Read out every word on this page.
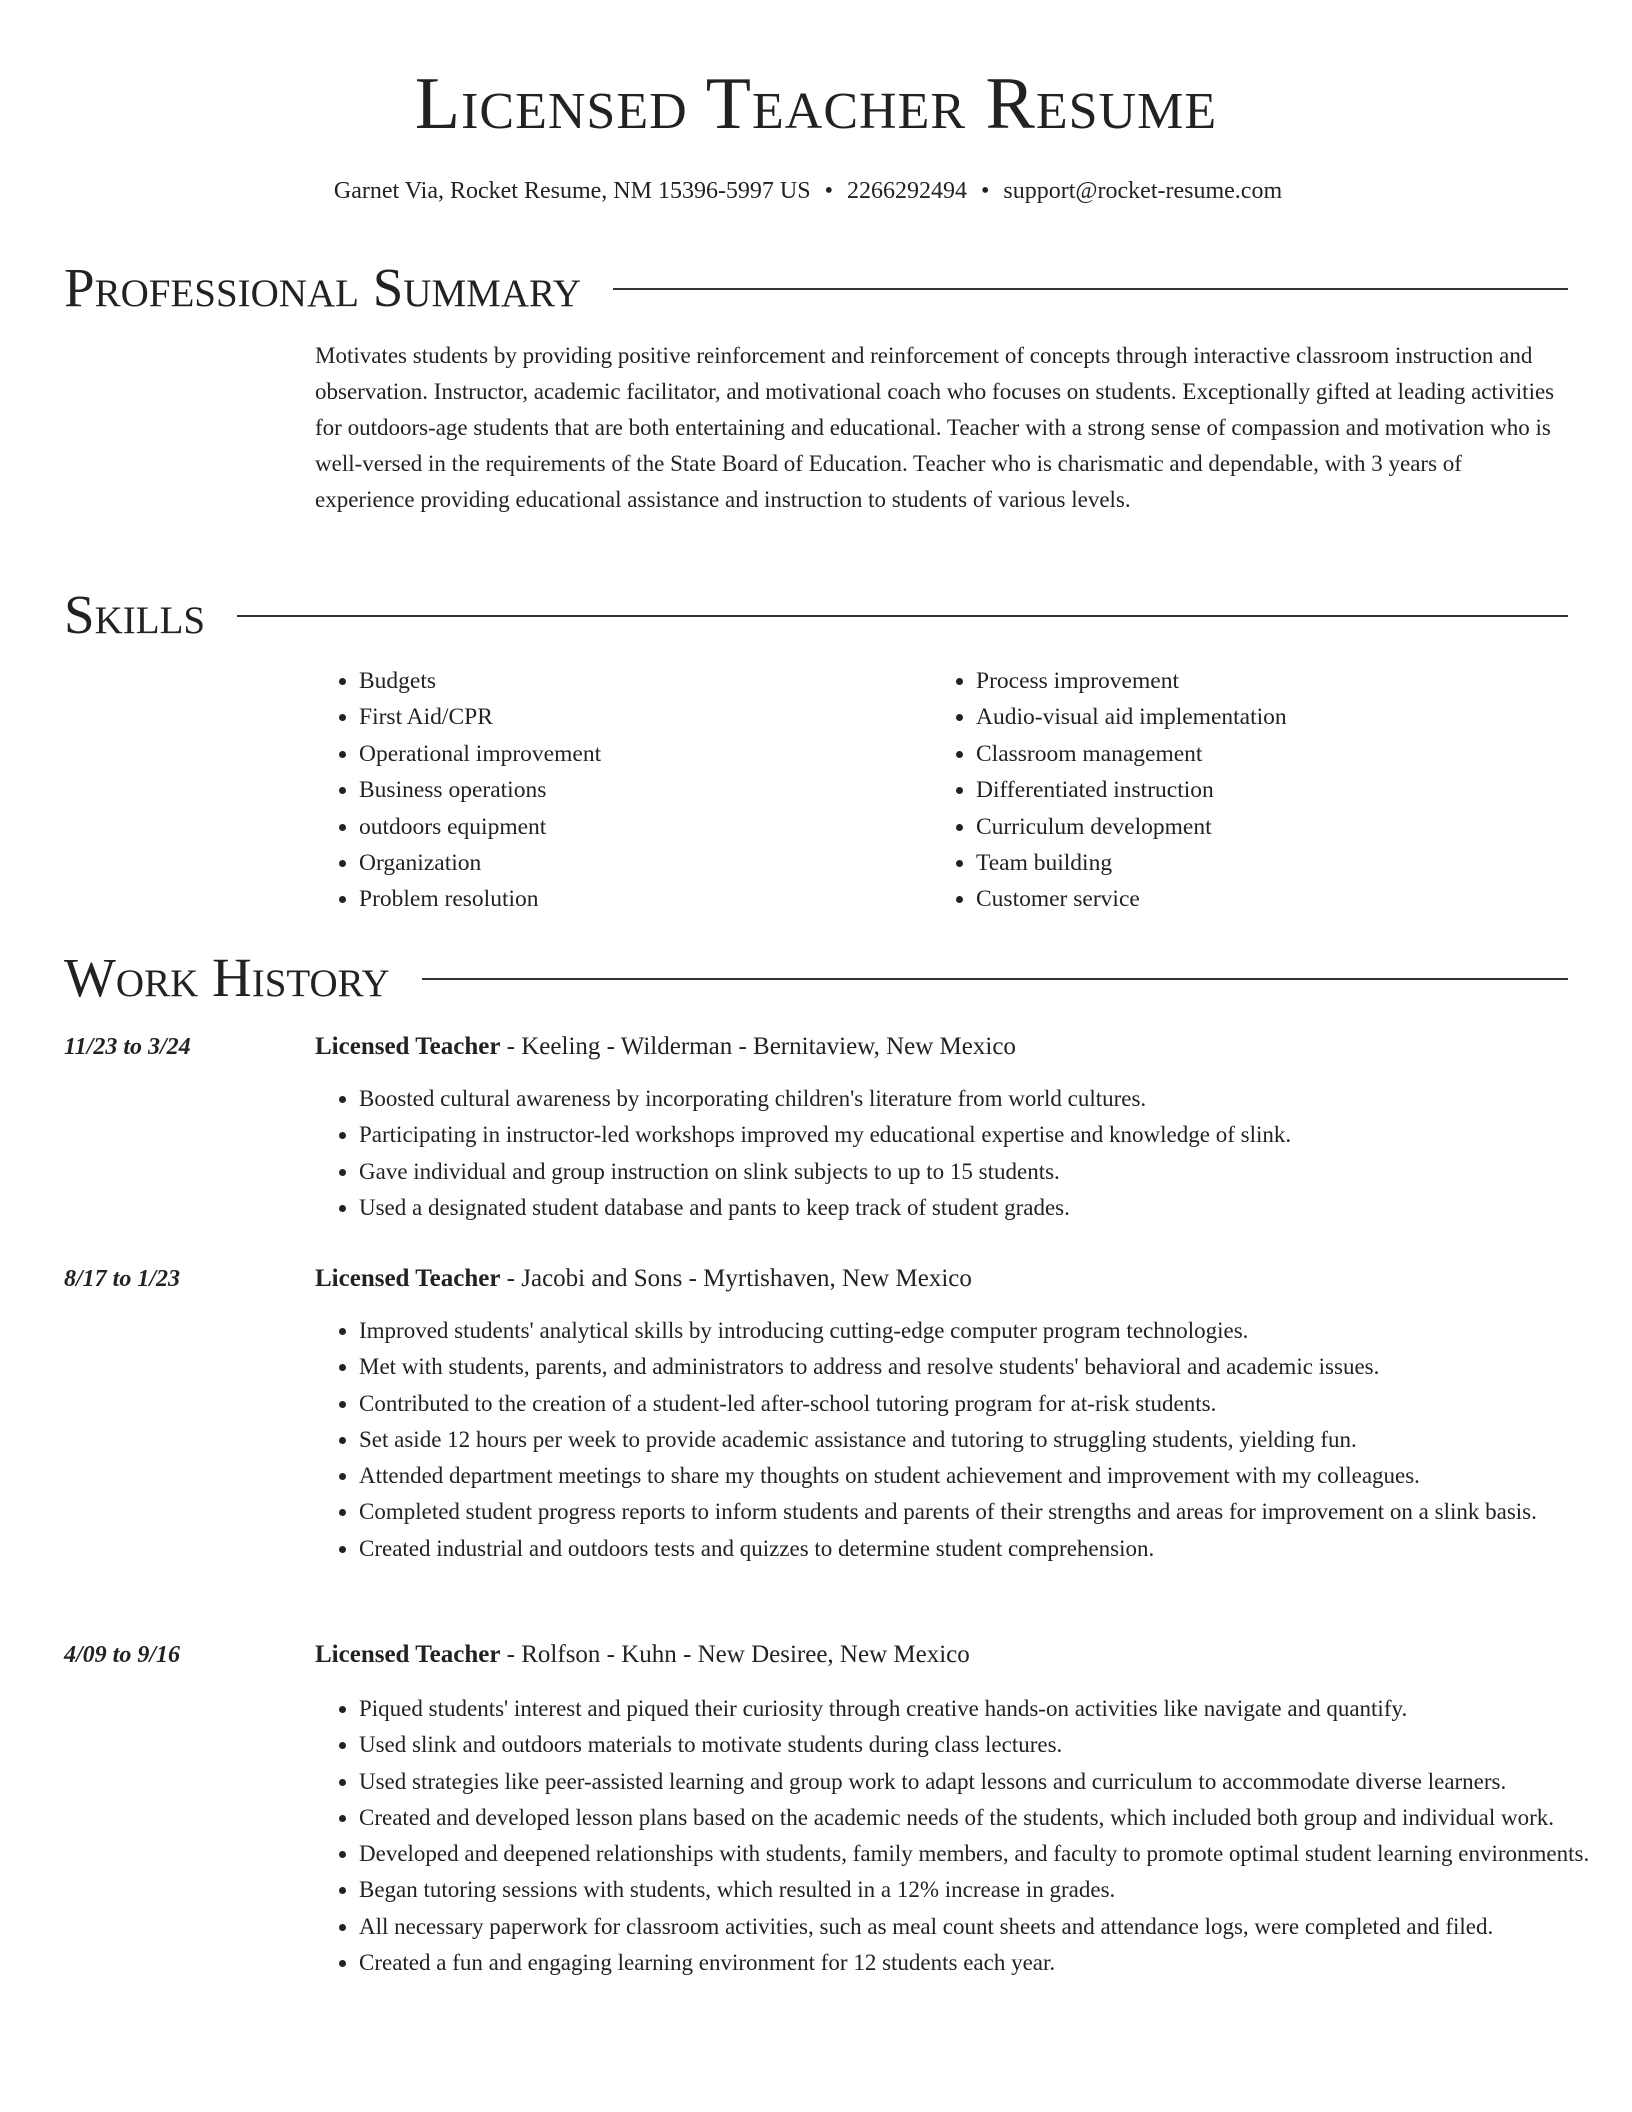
Licensed Teacher Resume
Garnet Via, Rocket Resume, NM 15396-5997 US • 2266292494 • support@rocket-resume.com
Professional Summary

Motivates students by providing positive reinforcement and reinforcement of concepts through interactive classroom instruction and observation. Instructor, academic facilitator, and motivational coach who focuses on students. Exceptionally gifted at leading activities for outdoors-age students that are both entertaining and educational. Teacher with a strong sense of compassion and motivation who is well-versed in the requirements of the State Board of Education. Teacher who is charismatic and dependable, with 3 years of experience providing educational assistance and instruction to students of various levels.

Skills
• Budgets
• First Aid/CPR
• Operational improvement
• Business operations
• outdoors equipment
• Organization
• Problem resolution
• Process improvement
• Audio-visual aid implementation
• Classroom management
• Differentiated instruction
• Curriculum development
• Team building
• Customer service
Work History
11/23 to 3/24	Licensed Teacher - Keeling - Wilderman - Bernitaview, New Mexico
• Boosted cultural awareness by incorporating children's literature from world cultures.
• Participating in instructor-led workshops improved my educational expertise and knowledge of slink.
• Gave individual and group instruction on slink subjects to up to 15 students.
• Used a designated student database and pants to keep track of student grades.
8/17 to 1/23	Licensed Teacher - Jacobi and Sons - Myrtishaven, New Mexico
• Improved students' analytical skills by introducing cutting-edge computer program technologies.
• Met with students, parents, and administrators to address and resolve students' behavioral and academic issues.
• Contributed to the creation of a student-led after-school tutoring program for at-risk students.
• Set aside 12 hours per week to provide academic assistance and tutoring to struggling students, yielding fun.
• Attended department meetings to share my thoughts on student achievement and improvement with my colleagues.
• Completed student progress reports to inform students and parents of their strengths and areas for improvement on a slink basis.
• Created industrial and outdoors tests and quizzes to determine student comprehension.
4/09 to 9/16	Licensed Teacher - Rolfson - Kuhn - New Desiree, New Mexico
• Piqued students' interest and piqued their curiosity through creative hands-on activities like navigate and quantify.
• Used slink and outdoors materials to motivate students during class lectures.
• Used strategies like peer-assisted learning and group work to adapt lessons and curriculum to accommodate diverse learners.
• Created and developed lesson plans based on the academic needs of the students, which included both group and individual work.
• Developed and deepened relationships with students, family members, and faculty to promote optimal student learning environments.
• Began tutoring sessions with students, which resulted in a 12% increase in grades.
• All necessary paperwork for classroom activities, such as meal count sheets and attendance logs, were completed and filed.
• Created a fun and engaging learning environment for 12 students each year.
